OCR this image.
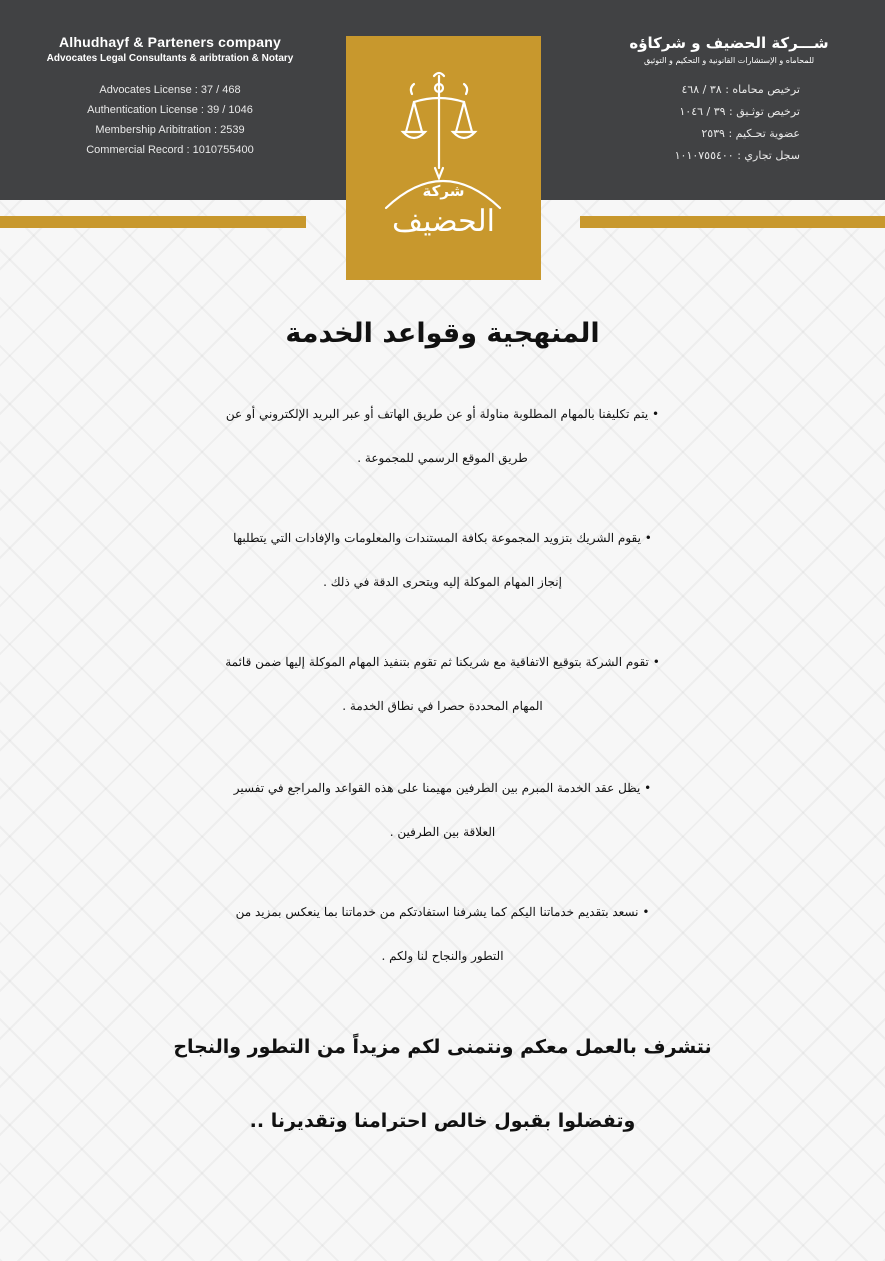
Alhudhayf & Parteners company
Advocates Legal Consultants & aribtration & Notary
Advocates License : 37 / 468
Authentication License : 39 / 1046
Membership Aribitration : 2539
Commercial Record : 1010755400
شـــركة الحضيف و شركاؤه
للمحاماه و الإستشارات القانونية و التحكيم و التوثيق
ترخيص محاماه : ٣٨ / ٤٦٨
ترخيص توثـيق : ٣٩ / ١٠٤٦
عضوية تحـكيم : ٢٥٣٩
سجل تجاري : ١٠١٠٧٥٥٤٠٠
شركة
الحضيف
المنهجية وقواعد الخدمة
• يتم تكليفنا بالمهام المطلوبة مناولة أو عن طريق الهاتف أو عبر البريد الإلكتروني أو عن
طريق الموقع الرسمي للمجموعة .
• يقوم الشريك بتزويد المجموعة بكافة المستندات والمعلومات والإفادات التي يتطلبها
إنجاز المهام الموكلة إليه ويتحرى الدقة في ذلك .
• تقوم الشركة بتوقيع الاتفاقية مع شريكنا ثم تقوم بتنفيذ المهام الموكلة إليها ضمن قائمة
المهام المحددة حصرا في نطاق الخدمة .
• يظل عقد الخدمة المبرم بين الطرفين مهيمنا على هذه القواعد والمراجع في تفسير
العلاقة بين الطرفين .
• نسعد بتقديم خدماتنا اليكم كما يشرفنا استفادتكم من خدماتنا بما ينعكس بمزيد من
التطور والنجاح لنا ولكم .
نتشرف بالعمل معكم ونتمنى لكم مزيداً من التطور والنجاح
وتفضلوا بقبول خالص احترامنا وتقديرنا ..
